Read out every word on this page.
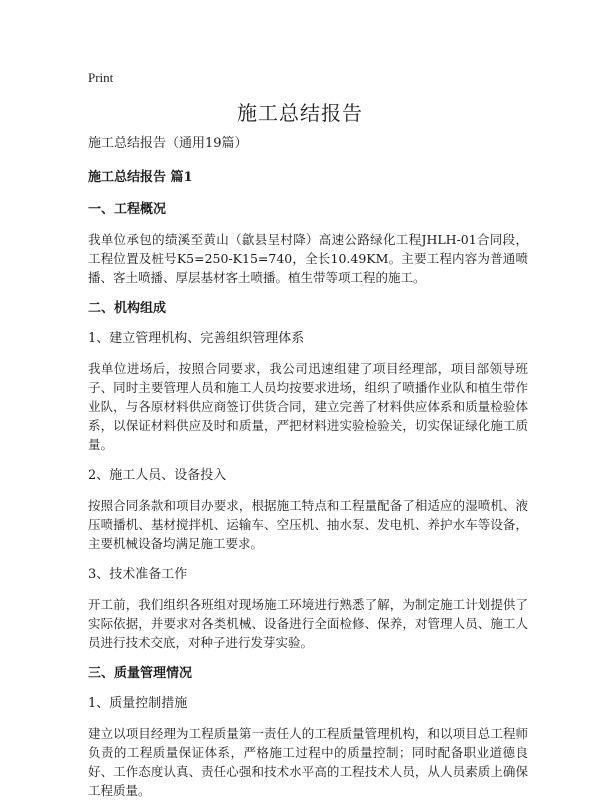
Print
施工总结报告

施工总结报告（通用19篇）

施工总结报告 篇1

一、工程概况

我单位承包的绩溪至黄山（歙县呈村降）高速公路绿化工程JHLH-01合同段，工程位置及桩号K5=250-K15=740，全长10.49KM。主要工程内容为普通喷播、客土喷播、厚层基材客土喷播。植生带等项工程的施工。

二、机构组成

1、建立管理机构、完善组织管理体系

我单位进场后，按照合同要求，我公司迅速组建了项目经理部，项目部领导班子、同时主要管理人员和施工人员均按要求进场，组织了喷播作业队和植生带作业队，与各原材料供应商签订供货合同，建立完善了材料供应体系和质量检验体系，以保证材料供应及时和质量，严把材料进实验检验关，切实保证绿化施工质量。

2、施工人员、设备投入

按照合同条款和项目办要求，根据施工特点和工程量配备了相适应的湿喷机、液压喷播机、基材搅拌机、运输车、空压机、抽水泵、发电机、养护水车等设备，主要机械设备均满足施工要求。

3、技术准备工作

开工前，我们组织各班组对现场施工环境进行熟悉了解，为制定施工计划提供了实际依据，并要求对各类机械、设备进行全面检修、保养，对管理人员、施工人员进行技术交底，对种子进行发芽实验。

三、质量管理情况

1、质量控制措施

建立以项目经理为工程质量第一责任人的工程质量管理机构，和以项目总工程师负责的工程质量保证体系，严格施工过程中的质量控制；同时配备职业道德良好、工作态度认真、责任心强和技术水平高的工程技术人员，从人员素质上确保工程质量。
